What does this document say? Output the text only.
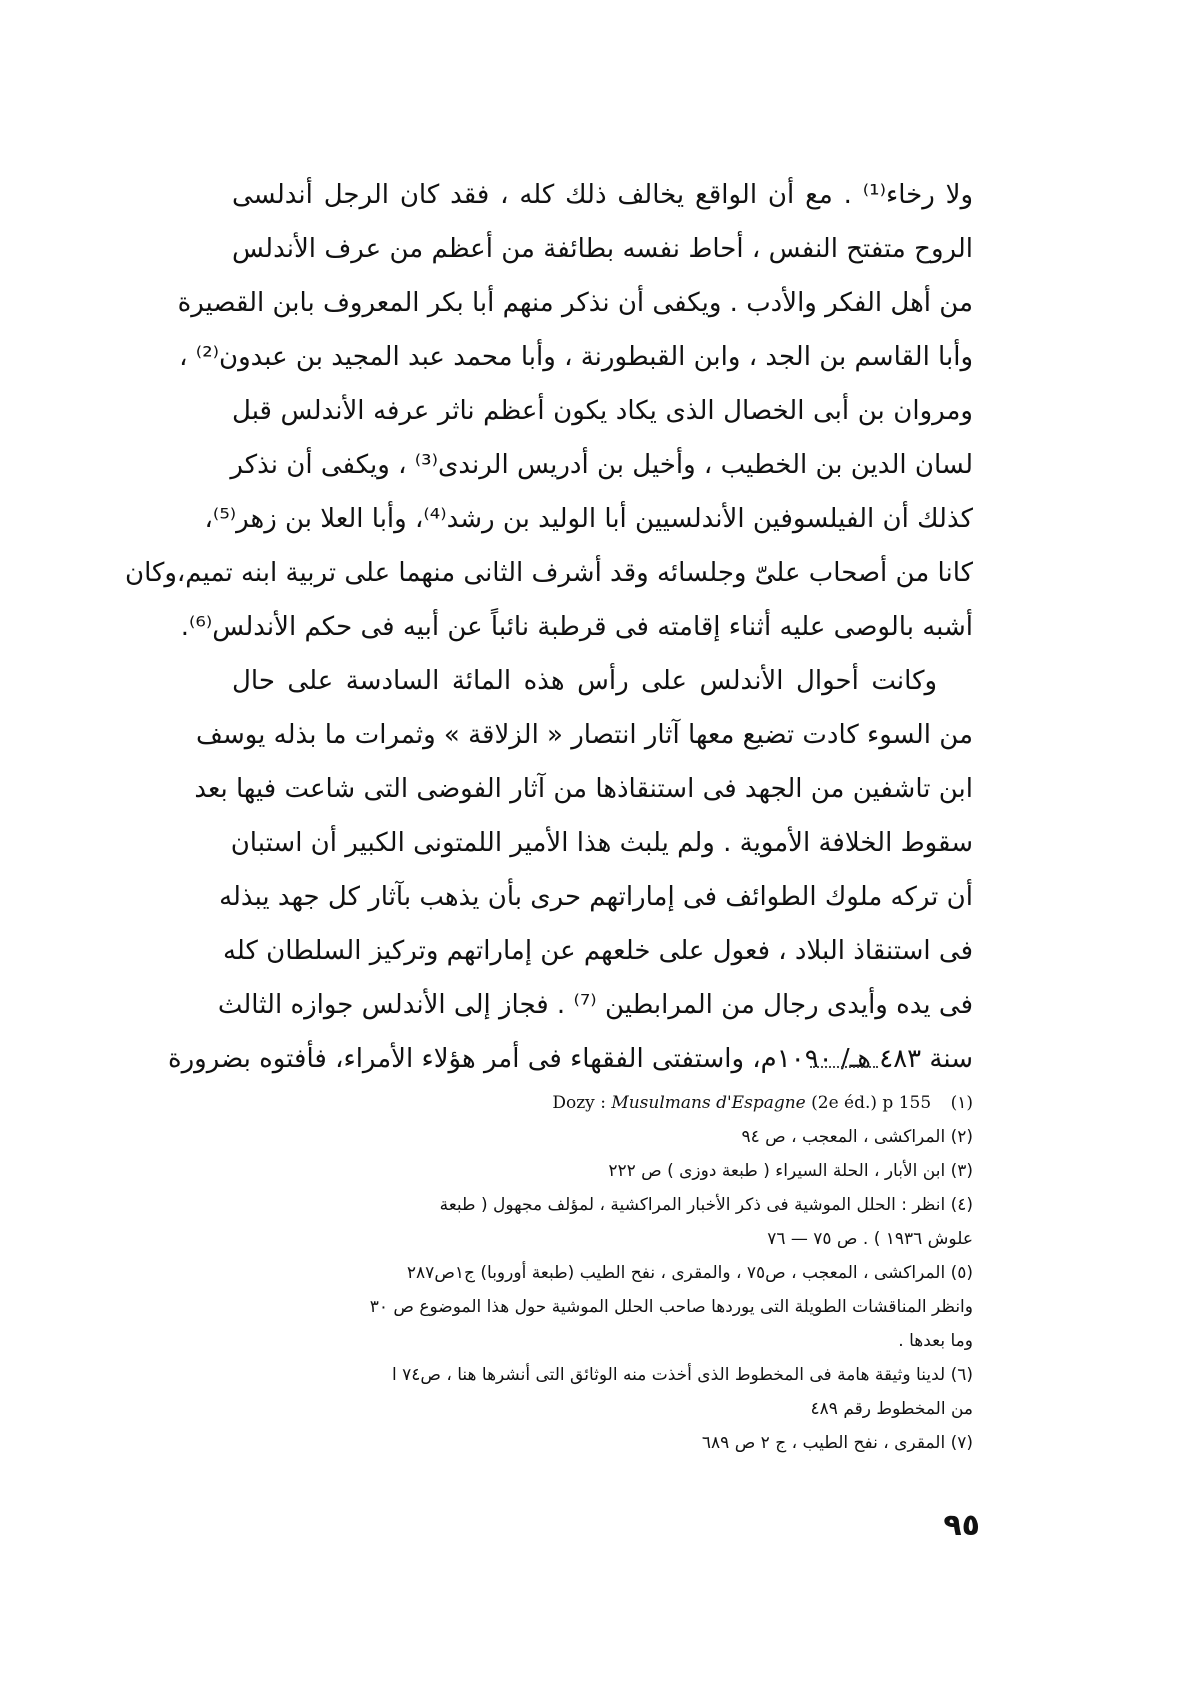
ولا رخاء⁽¹⁾ . مع أن الواقع يخالف ذلك كله ، فقد كان الرجل أندلسى
الروح متفتح النفس ، أحاط نفسه بطائفة من أعظم من عرف الأندلس
من أهل الفكر والأدب . ويكفى أن نذكر منهم أبا بكر المعروف بابن القصيرة
وأبا القاسم بن الجد ، وابن القبطورنة ، وأبا محمد عبد المجيد بن عبدون⁽²⁾ ،
ومروان بن أبى الخصال الذى يكاد يكون أعظم ناثر عرفه الأندلس قبل
لسان الدين بن الخطيب ، وأخيل بن أدريس الرندى⁽³⁾ ، ويكفى أن نذكر
كذلك أن الفيلسوفين الأندلسيين أبا الوليد بن رشد⁽⁴⁾، وأبا العلا بن زهر⁽⁵⁾،
كانا من أصحاب علىّ وجلسائه وقد أشرف الثانى منهما على تربية ابنه تميم،وكان
أشبه بالوصى عليه أثناء إقامته فى قرطبة نائباً عن أبيه فى حكم الأندلس⁽⁶⁾.
وكانت أحوال الأندلس على رأس هذه المائة السادسة على حال
من السوء كادت تضيع معها آثار انتصار « الزلاقة » وثمرات ما بذله يوسف
ابن تاشفين من الجهد فى استنقاذها من آثار الفوضى التى شاعت فيها بعد
سقوط الخلافة الأموية . ولم يلبث هذا الأمير اللمتونى الكبير أن استبان
أن تركه ملوك الطوائف فى إماراتهم حرى بأن يذهب بآثار كل جهد يبذله
فى استنقاذ البلاد ، فعول على خلعهم عن إماراتهم وتركيز السلطان كله
فى يده وأيدى رجال من المرابطين ⁽⁷⁾ . فجاز إلى الأندلس جوازه الثالث
سنة ٤٨٣ هـ/ ١٠٩٠م، واستفتى الفقهاء فى أمر هؤلاء الأمراء، فأفتوه بضرورة
Dozy : Musulmans d'Espagne (2e éd.) p 155 (١)
(٢) المراكشى ، المعجب ، ص ٩٤
(٣) ابن الأبار ، الحلة السيراء ( طبعة دوزى ) ص ٢٢٢
(٤) انظر : الحلل الموشية فى ذكر الأخبار المراكشية ، لمؤلف مجهول ( طبعة
علوش ١٩٣٦ ) . ص ٧٥ — ٧٦
(٥) المراكشى ، المعجب ، ص٧٥ ، والمقرى ، نفح الطيب (طبعة أوروبا) ج١ص٢٨٧
وانظر المناقشات الطويلة التى يوردها صاحب الحلل الموشية حول هذا الموضوع ص ٣٠
وما بعدها .
(٦) لدينا وثيقة هامة فى المخطوط الذى أخذت منه الوثائق التى أنشرها هنا ، ص٧٤ ا
من المخطوط رقم ٤٨٩
(٧) المقرى ، نفح الطيب ، ج ٢ ص ٦٨٩
٩٥
